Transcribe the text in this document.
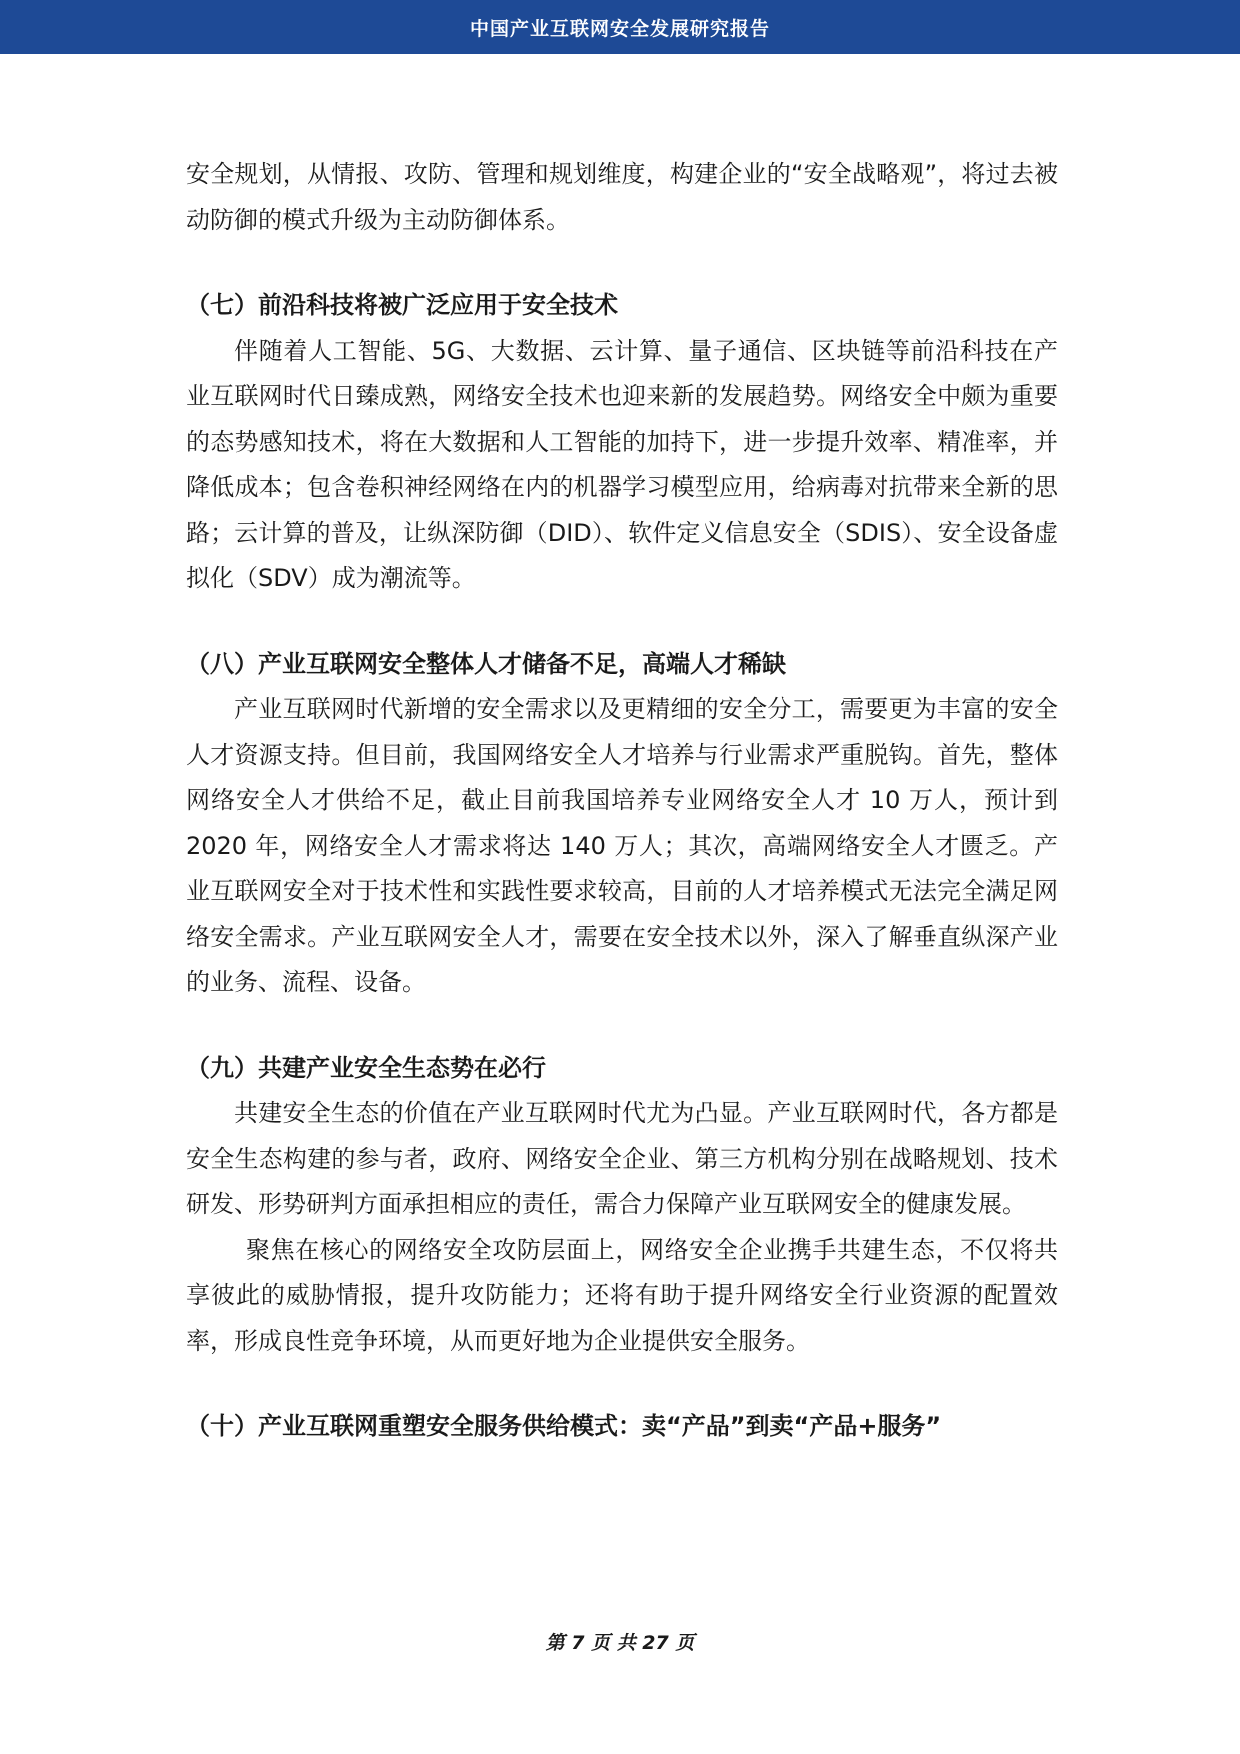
中国产业互联网安全发展研究报告

安全规划，从情报、攻防、管理和规划维度，构建企业的“安全战略观”，将过去被动防御的模式升级为主动防御体系。

（七）前沿科技将被广泛应用于安全技术

伴随着人工智能、5G、大数据、云计算、量子通信、区块链等前沿科技在产业互联网时代日臻成熟，网络安全技术也迎来新的发展趋势。网络安全中颇为重要的态势感知技术，将在大数据和人工智能的加持下，进一步提升效率、精准率，并降低成本；包含卷积神经网络在内的机器学习模型应用，给病毒对抗带来全新的思路；云计算的普及，让纵深防御（DID）、软件定义信息安全（SDIS）、安全设备虚拟化（SDV）成为潮流等。

（八）产业互联网安全整体人才储备不足，高端人才稀缺

产业互联网时代新增的安全需求以及更精细的安全分工，需要更为丰富的安全人才资源支持。但目前，我国网络安全人才培养与行业需求严重脱钩。首先，整体网络安全人才供给不足，截止目前我国培养专业网络安全人才 10 万人，预计到 2020 年，网络安全人才需求将达 140 万人；其次，高端网络安全人才匮乏。产业互联网安全对于技术性和实践性要求较高，目前的人才培养模式无法完全满足网络安全需求。产业互联网安全人才，需要在安全技术以外，深入了解垂直纵深产业的业务、流程、设备。

（九）共建产业安全生态势在必行

共建安全生态的价值在产业互联网时代尤为凸显。产业互联网时代，各方都是安全生态构建的参与者，政府、网络安全企业、第三方机构分别在战略规划、技术研发、形势研判方面承担相应的责任，需合力保障产业互联网安全的健康发展。

聚焦在核心的网络安全攻防层面上，网络安全企业携手共建生态，不仅将共享彼此的威胁情报，提升攻防能力；还将有助于提升网络安全行业资源的配置效率，形成良性竞争环境，从而更好地为企业提供安全服务。

（十）产业互联网重塑安全服务供给模式：卖“产品”到卖“产品+服务”

第 7 页 共 27 页
